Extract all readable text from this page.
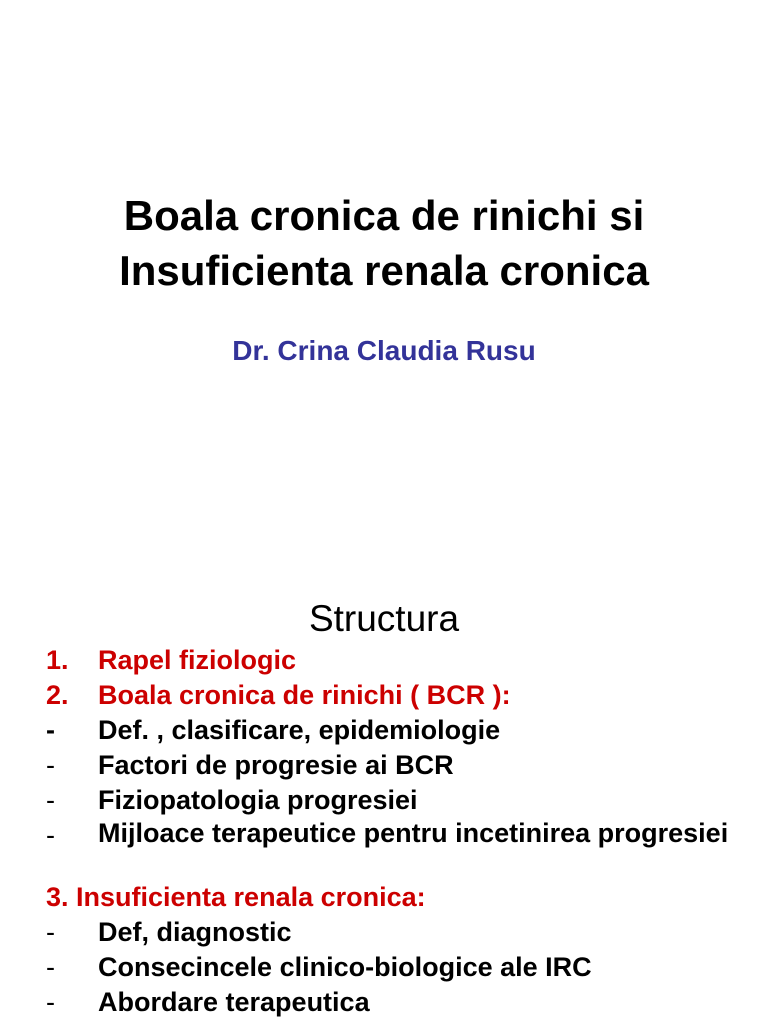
Boala cronica de rinichi si
Insuficienta renala cronica
Dr. Crina Claudia Rusu
Structura
1. Rapel fiziologic
2. Boala cronica de rinichi ( BCR ):
- Def. , clasificare, epidemiologie
- Factori de progresie ai BCR
- Fiziopatologia progresiei
- Mijloace terapeutice pentru incetinirea progresiei
3. Insuficienta renala cronica:
- Def, diagnostic
- Consecincele clinico-biologice ale IRC
- Abordare terapeutica
